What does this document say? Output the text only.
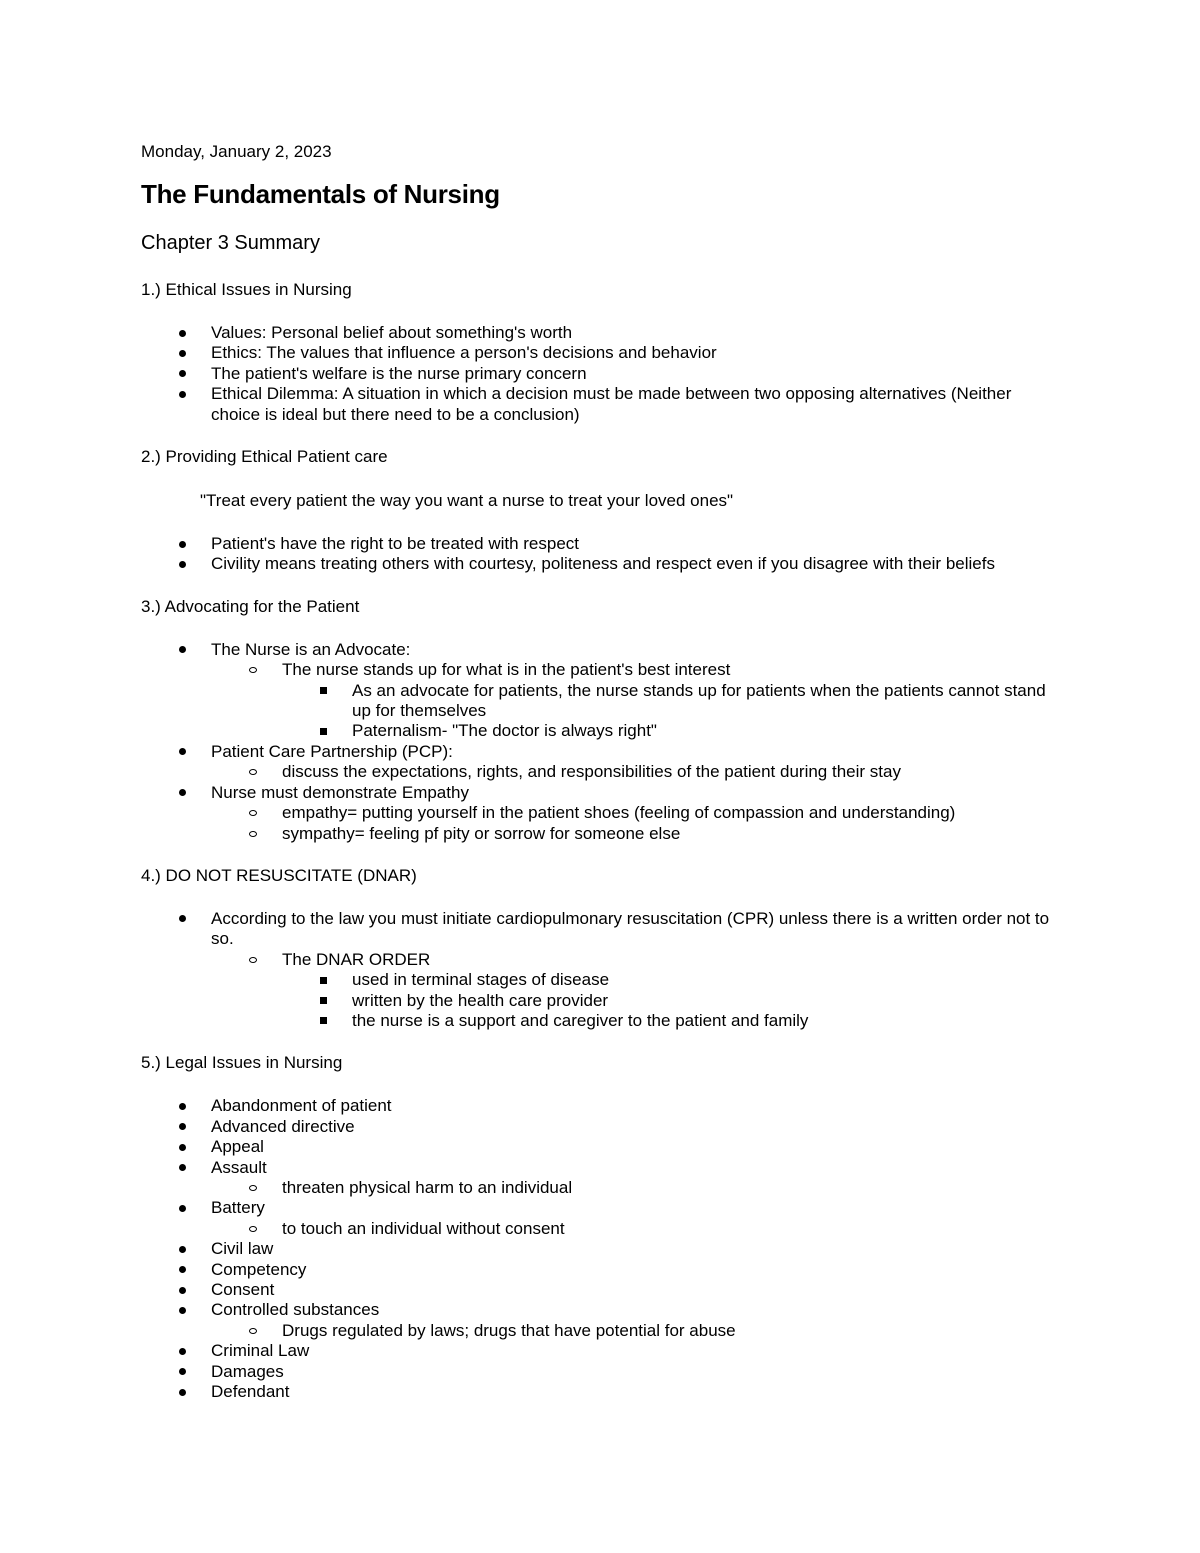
Monday, January 2, 2023
The Fundamentals of Nursing
Chapter 3 Summary
1.) Ethical Issues in Nursing
Values: Personal belief about something's worth
Ethics: The values that influence a person's decisions and behavior
The patient's welfare is the nurse primary concern
Ethical Dilemma: A situation in which a decision must be made between two opposing alternatives (Neither choice is ideal but there need to be a conclusion)
2.) Providing Ethical Patient care
"Treat every patient the way you want a nurse to treat your loved ones"
Patient's have the right to be treated with respect
Civility means treating others with courtesy, politeness and respect even if you disagree with their beliefs
3.) Advocating for the Patient
The Nurse is an Advocate:
The nurse stands up for what is in the patient's best interest
As an advocate for patients, the nurse stands up for patients when the patients cannot stand up for themselves
Paternalism- "The doctor is always right"
Patient Care Partnership (PCP):
discuss the expectations, rights, and responsibilities of the patient during their stay
Nurse must demonstrate Empathy
empathy= putting yourself in the patient shoes (feeling of compassion and understanding)
sympathy= feeling pf pity or sorrow for someone else
4.) DO NOT RESUSCITATE (DNAR)
According to the law you must initiate cardiopulmonary resuscitation (CPR) unless there is a written order not to so.
The DNAR ORDER
used in terminal stages of disease
written by the health care provider
the nurse is a support and caregiver to the patient and family
5.) Legal Issues in Nursing
Abandonment of patient
Advanced directive
Appeal
Assault
threaten physical harm to an individual
Battery
to touch an individual without consent
Civil law
Competency
Consent
Controlled substances
Drugs regulated by laws; drugs that have potential for abuse
Criminal Law
Damages
Defendant
